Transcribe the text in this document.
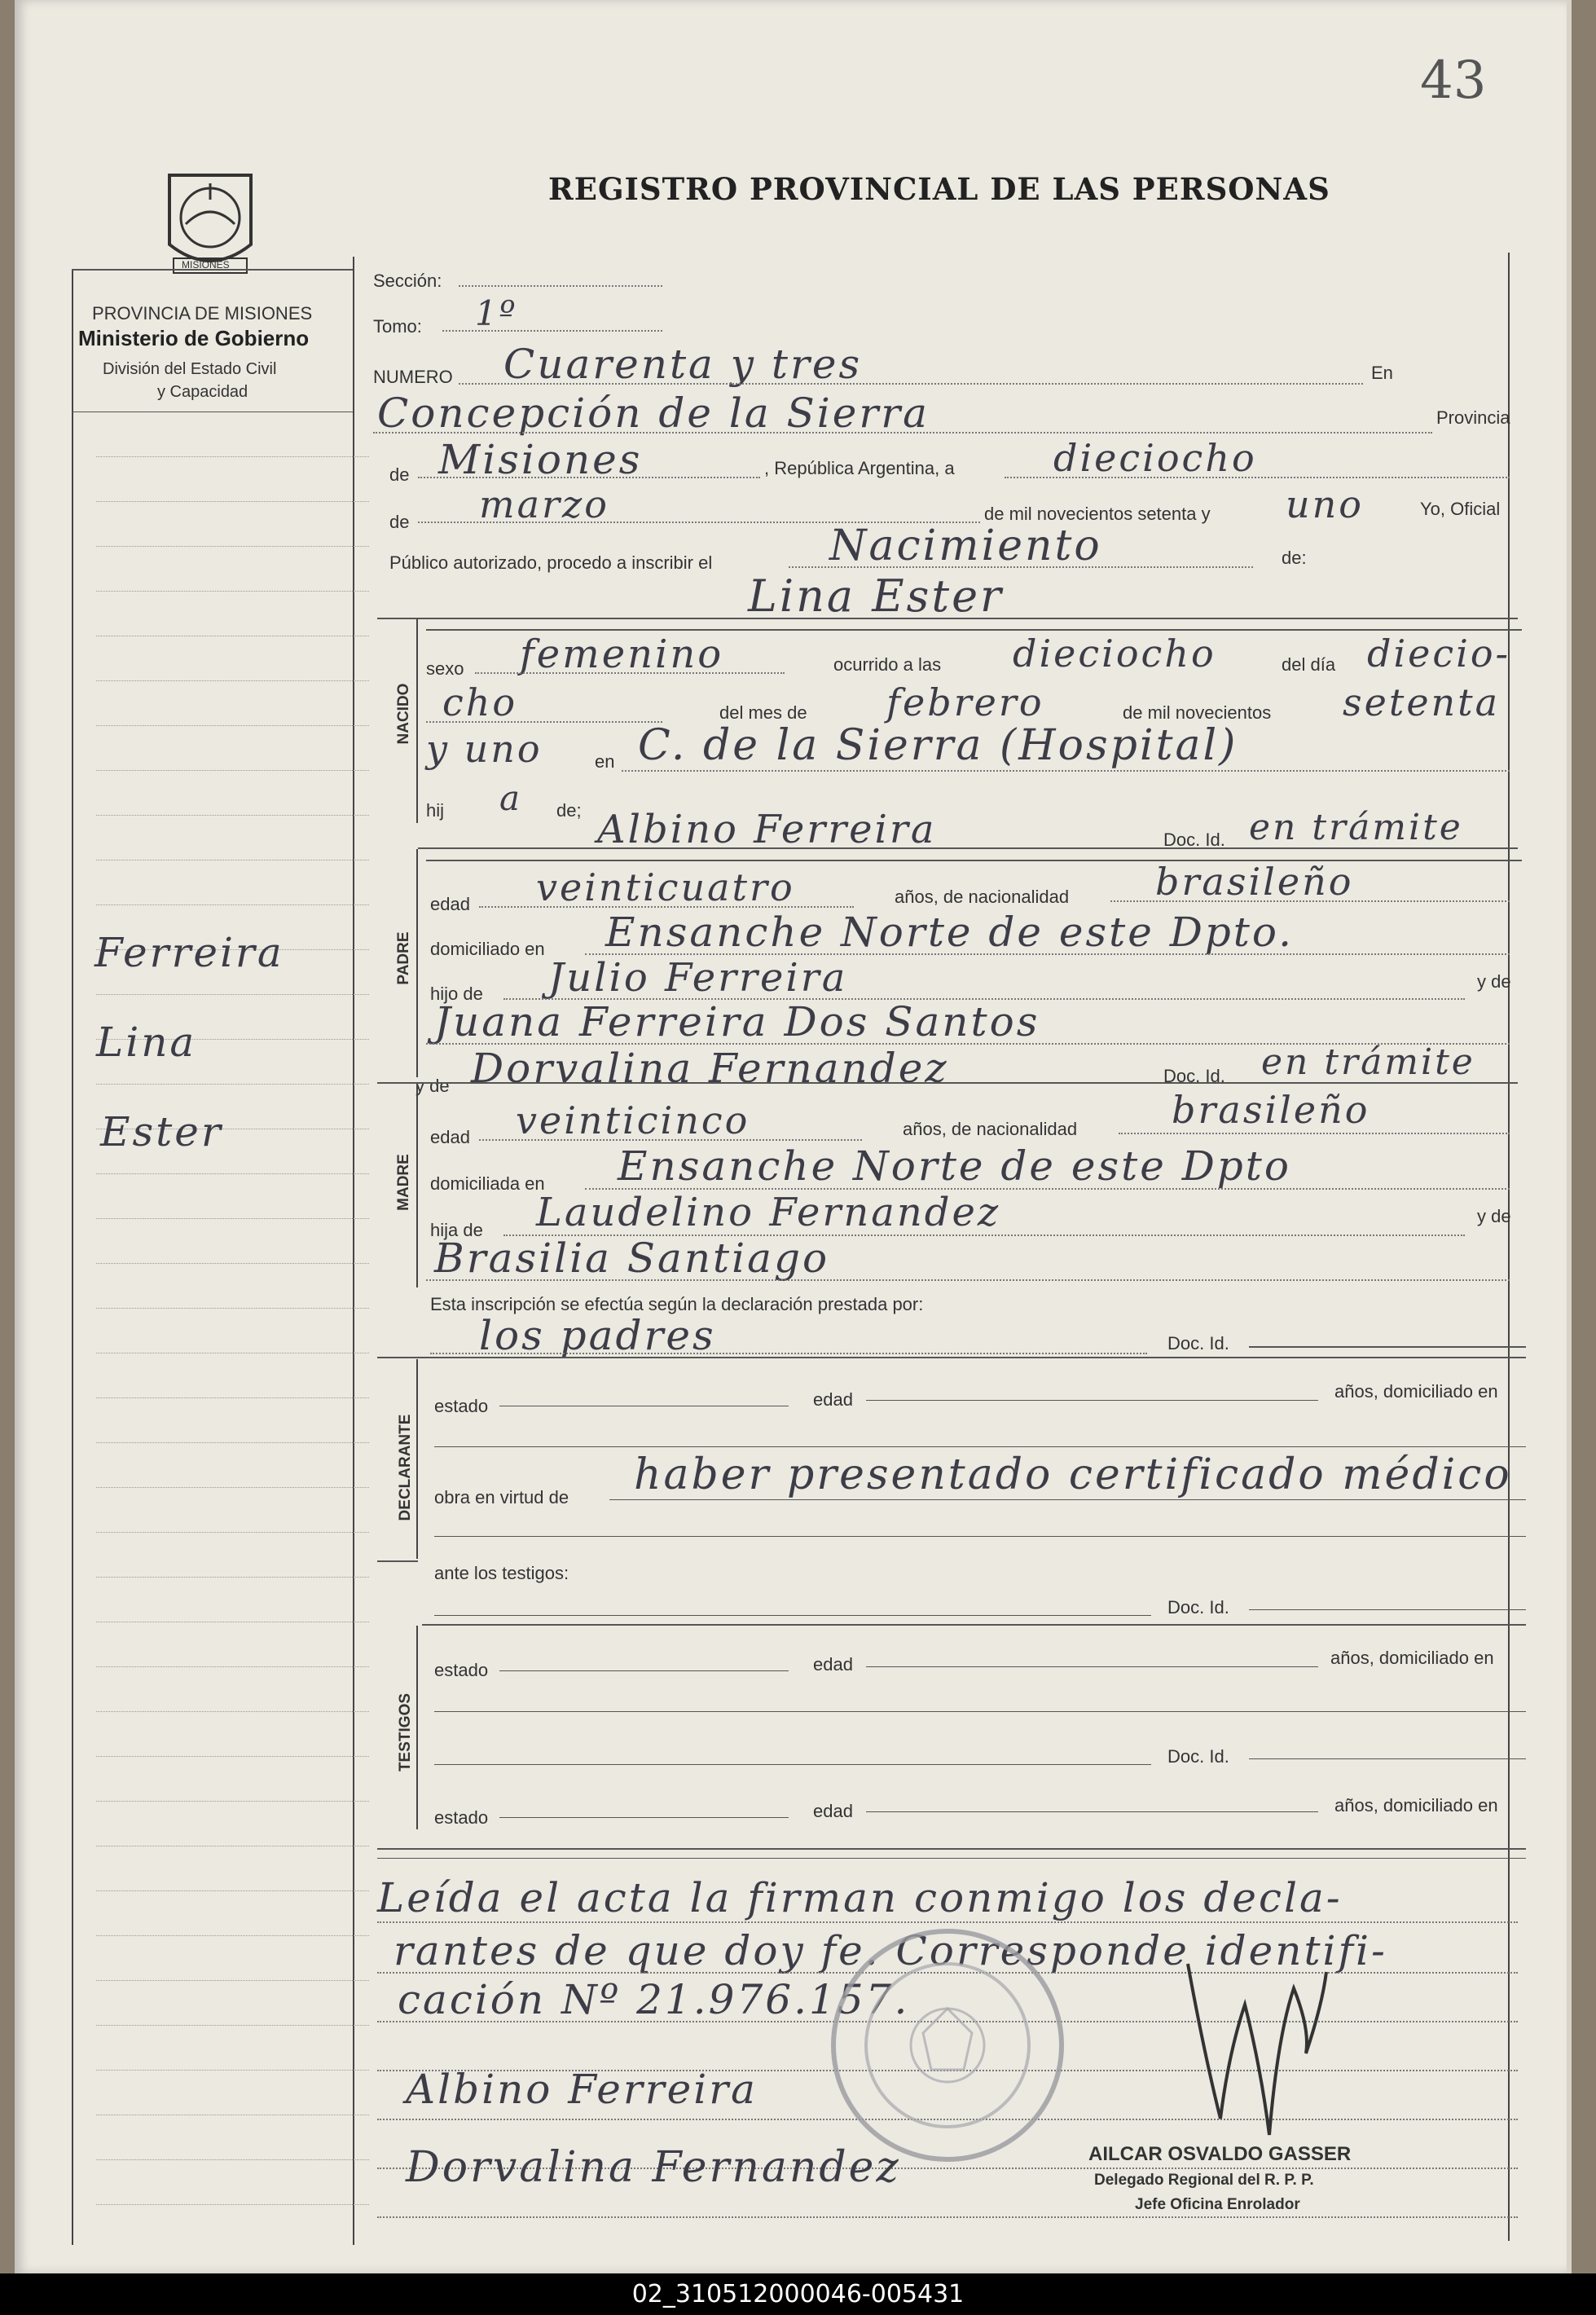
43
MISIONES
REGISTRO PROVINCIAL DE LAS PERSONAS
PROVINCIA DE MISIONES
Ministerio de Gobierno
División del Estado Civil
y Capacidad
Ferreira
Lina
Ester
Sección:
Tomo: 1º
NUMERO Cuarenta y tres	En
Concepción de la Sierra	Provincia
de Misiones	, República Argentina, a	dieciocho
de marzo	de mil novecientos setenta y uno	Yo, Oficial
Público autorizado, procedo a inscribir el	Nacimiento	de:
Lina Ester
NACIDO
sexo femenino	ocurrido a las dieciocho	del día diecio-
cho	del mes de febrero	de mil novecientos setenta
y uno	en C. de la Sierra (Hospital)
hij a de; Albino Ferreira	Doc. Id. en trámite
PADRE
edad veinticuatro	años, de nacionalidad brasileño
domiciliado en Ensanche Norte de este Dpto.
hijo de Julio Ferreira	y de
Juana Ferreira Dos Santos
y de Dorvalina Fernandez	Doc. Id. en trámite
MADRE
edad veinticinco	años, de nacionalidad	brasileño
domiciliada en Ensanche Norte de este Dpto
hija de Laudelino Fernandez	y de
Brasilia Santiago
Esta inscripción se efectúa según la declaración prestada por:
los padres	Doc. Id.
DECLARANTE
estado	edad	años, domiciliado en
obra en virtud de haber presentado certificado médico
ante los testigos:
Doc. Id.
TESTIGOS
estado	edad	años, domiciliado en
Doc. Id.
estado	edad	años, domiciliado en
Leída el acta la firman conmigo los decla-
rantes de que doy fe. Corresponde identifi-
cación Nº 21.976.157.
Albino Ferreira
Dorvalina Fernandez	AILCAR OSVALDO GASSER
Delegado Regional del R. P. P.
Jefe Oficina Enrolador
02_310512000046-005431
